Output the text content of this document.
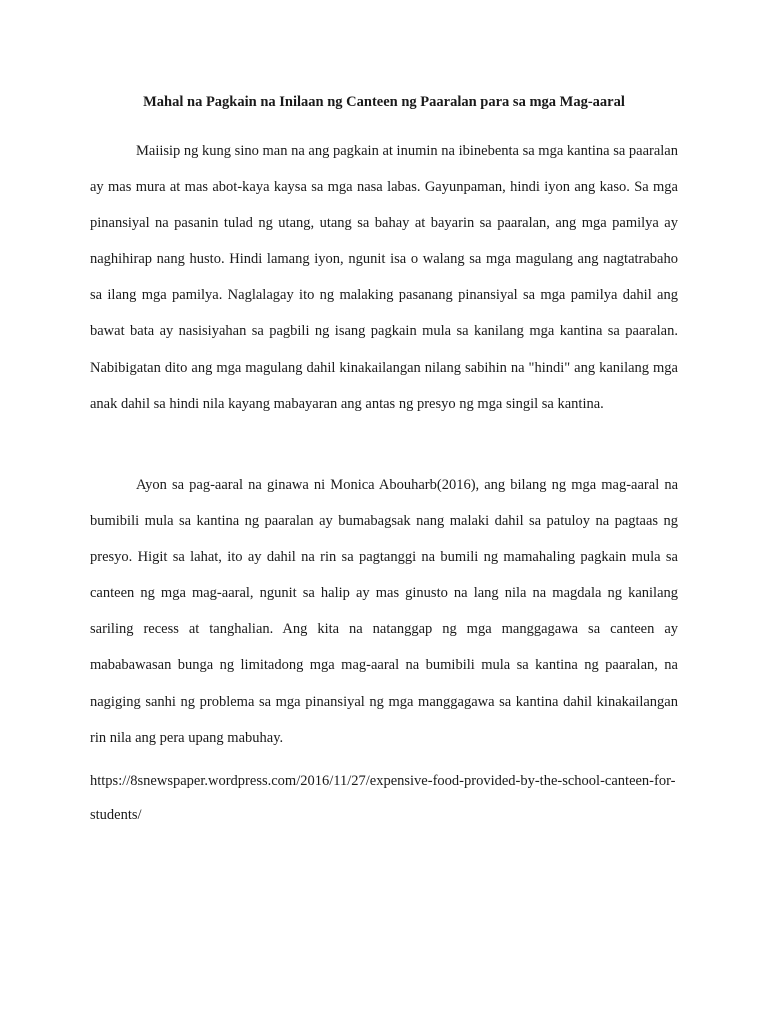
Mahal na Pagkain na Inilaan ng Canteen ng Paaralan para sa mga Mag-aaral

Maiisip ng kung sino man na ang pagkain at inumin na ibinebenta sa mga kantina sa paaralan ay mas mura at mas abot-kaya kaysa sa mga nasa labas. Gayunpaman, hindi iyon ang kaso. Sa mga pinansiyal na pasanin tulad ng utang, utang sa bahay at bayarin sa paaralan, ang mga pamilya ay naghihirap nang husto. Hindi lamang iyon, ngunit isa o walang sa mga magulang ang nagtatrabaho sa ilang mga pamilya. Naglalagay ito ng malaking pasanang pinansiyal sa mga pamilya dahil ang bawat bata ay nasisiyahan sa pagbili ng isang pagkain mula sa kanilang mga kantina sa paaralan. Nabibigatan dito ang mga magulang dahil kinakailangan nilang sabihin na "hindi" ang kanilang mga anak dahil sa hindi nila kayang mabayaran ang antas ng presyo ng mga singil sa kantina.

Ayon sa pag-aaral na ginawa ni Monica Abouharb(2016), ang bilang ng mga mag-aaral na bumibili mula sa kantina ng paaralan ay bumabagsak nang malaki dahil sa patuloy na pagtaas ng presyo. Higit sa lahat, ito ay dahil na rin sa pagtanggi na bumili ng mamahaling pagkain mula sa canteen ng mga mag-aaral, ngunit sa halip ay mas ginusto na lang nila na magdala ng kanilang sariling recess at tanghalian. Ang kita na natanggap ng mga manggagawa sa canteen ay mababawasan bunga ng limitadong mga mag-aaral na bumibili mula sa kantina ng paaralan, na nagiging sanhi ng problema sa mga pinansiyal ng mga manggagawa sa kantina dahil kinakailangan rin nila ang pera upang mabuhay.

https://8snewspaper.wordpress.com/2016/11/27/expensive-food-provided-by-the-school-canteen-for-students/
